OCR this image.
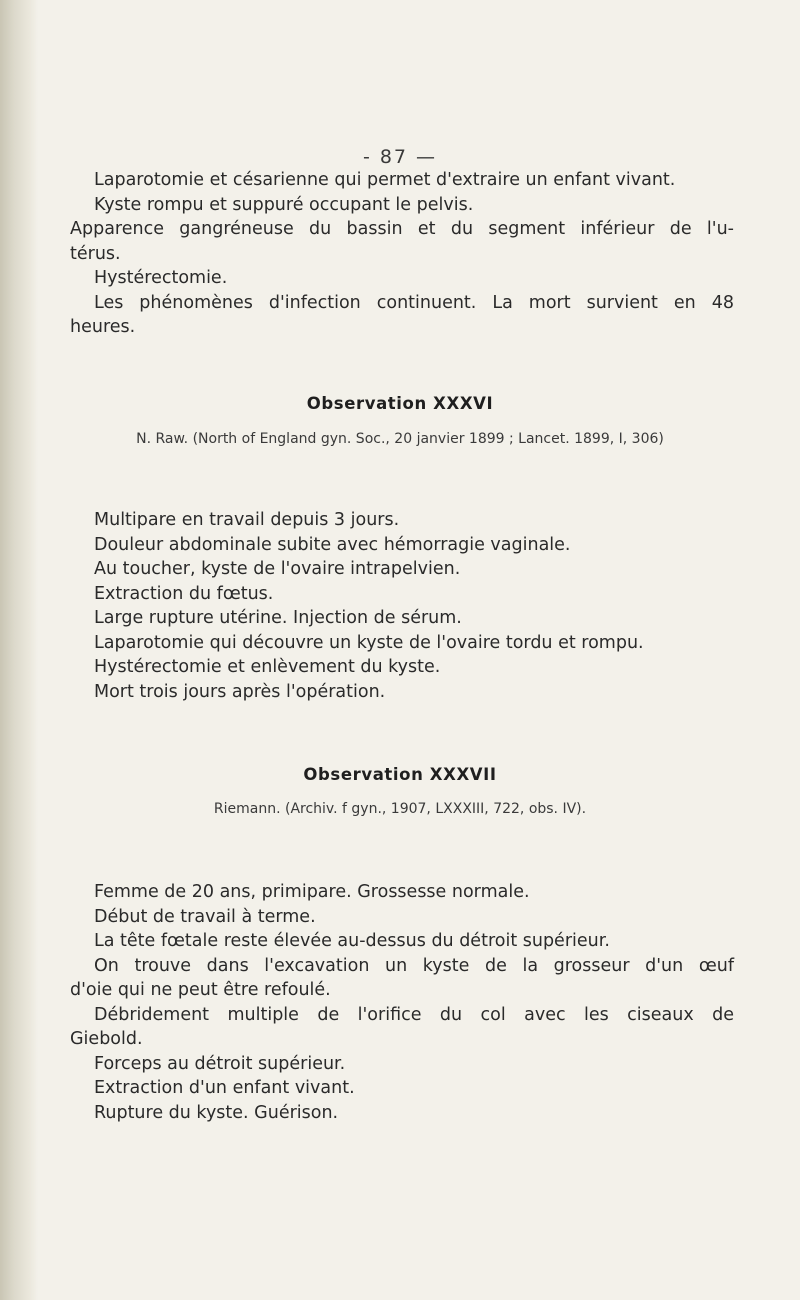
- 87 —

Laparotomie et césarienne qui permet d'extraire un enfant vivant.

Kyste rompu et suppuré occupant le pelvis.

Apparence gangréneuse du bassin et du segment inférieur de l'u-

térus.

Hystérectomie.

Les phénomènes d'infection continuent. La mort survient en 48

heures.

Observation XXXVI
N. Raw. (North of England gyn. Soc., 20 janvier 1899 ; Lancet. 1899, I, 306)

Multipare en travail depuis 3 jours.

Douleur abdominale subite avec hémorragie vaginale.

Au toucher, kyste de l'ovaire intrapelvien.

Extraction du fœtus.

Large rupture utérine. Injection de sérum.

Laparotomie qui découvre un kyste de l'ovaire tordu et rompu.

Hystérectomie et enlèvement du kyste.

Mort trois jours après l'opération.

Observation XXXVII
Riemann. (Archiv. f gyn., 1907, LXXXIII, 722, obs. IV).

Femme de 20 ans, primipare. Grossesse normale.

Début de travail à terme.

La tête fœtale reste élevée au-dessus du détroit supérieur.

On trouve dans l'excavation un kyste de la grosseur d'un œuf

d'oie qui ne peut être refoulé.

Débridement multiple de l'orifice du col avec les ciseaux de

Giebold.

Forceps au détroit supérieur.

Extraction d'un enfant vivant.

Rupture du kyste. Guérison.
